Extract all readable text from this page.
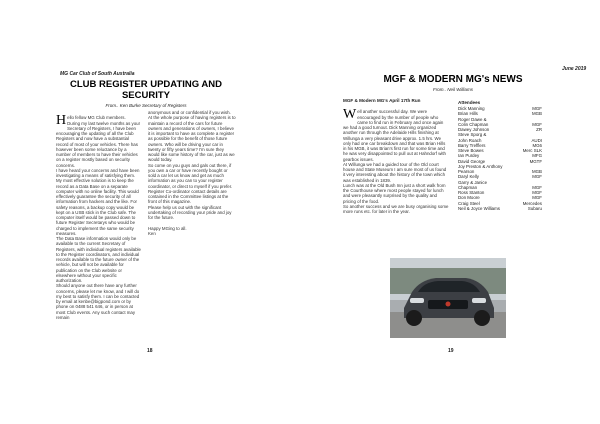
MG Car Club of South Australia
CLUB REGISTER UPDATING AND SECURITY
From.. Ken Burke Secretary of Registers

Hello fellow MG Club members.
During my last twelve months as your Secretary of Registers, I have been encouraging the updating of all the Club Registers and now have a substantial record of most of your vehicles. There has however been some reluctance by a number of members to have their vehicles on a register mostly based on security concerns.
I have heard your concerns and have been investigating a means of satisfying them.
My most effective solution is to keep the record as a Data Base on a separate computer with no online facility. This would effectively guarantee the security of all information from hackers and the like. For safety reasons, a backup copy would be kept on a USB stick in the Club safe. The computer itself would be passed down to future Register Secretarys who would be charged to implement the same security measures.
The Data Base information would only be available to the current Secretary of Registers, with individual registers available to the Register coordinators, and individual records available to the future owner of the vehicle, but will not be available for publication on the Club website or elsewhere without your specific authorization.
Should anyone out there have any further concerns, please let me know, and I will do my best to satisfy them. I can be contacted by email at kenbe@bigpond.com or by phone on 0488 541 646, or in person at most Club events. Any such contact may remain

anonymous and or confidential if you wish.
At the whole purpose of having registers is to maintain a record of the cars for future owners and generations of owners, I believe it is important to have as complete a register as possible for the benefit of those future owners. Who will be driving your car in twenty or fifty years time? I'm sure they would like some history of the car, just as we would today.
So come on you guys and gals out there, if you own a car or have recently bought or sold a car let us know and get as much information as you can to your register coordinator, or direct to myself if you prefer.
Register Co-ordinator contact details are contained in the Committee listings at the front of this magazine.
Please help us out with the significant undertaking of recording your pride and joy for the future.

Happy MGing to all.
Ken
18
June 2019
MGF & MODERN MG's NEWS
From.. Neil Williams
MGF & Modern MG's April 17th Run

Well another successful day. We were encouraged by the number of people who came to find run in February and once again we had a good turnout. Dick Manning organized another run through the Adelaide Hills finishing at Willunga a very pleasant drive approx. 1.5 hrs. We only had one car breakdown and that was Brian Hills in his MGB, it was Brian's first run for some time and he was very disappointed to pull out at Hahndorf with gearbox issues.
At Willunga we had a guided tour of the Old court house and State Museum I am sure most of us found it very interesting about the history of the town which was established in 1839.
Lunch was at the Old Bush Inn just a short walk from the Courthouse where most people stayed for lunch and were pleasantly surprised by the quality and pricing of the food.
So another success and we are busy organising some more runs etc. for later in the year.

Attendees
Dick Manning	MGF
Brian Hills	MGB
Roger Dawe &
Colin Chapman	MGF
Dawey Johnson	ZR
Steve Sporg &
John Roach	AUDI
Barry Trefflers	MG6
Steve Bowes	Merc SLK
Ian Purdey	MFG
David George	MGTF
Joy Preston & Anthony
Pearson	MGB
Daryl Kelly	MGF
Garry & Janice
Chapman	MGF
Ross Stanton	MGF
Don Moore	MGF
Craig Steel	Mercedes
Neil & Joyce Williams	Subaru
19
